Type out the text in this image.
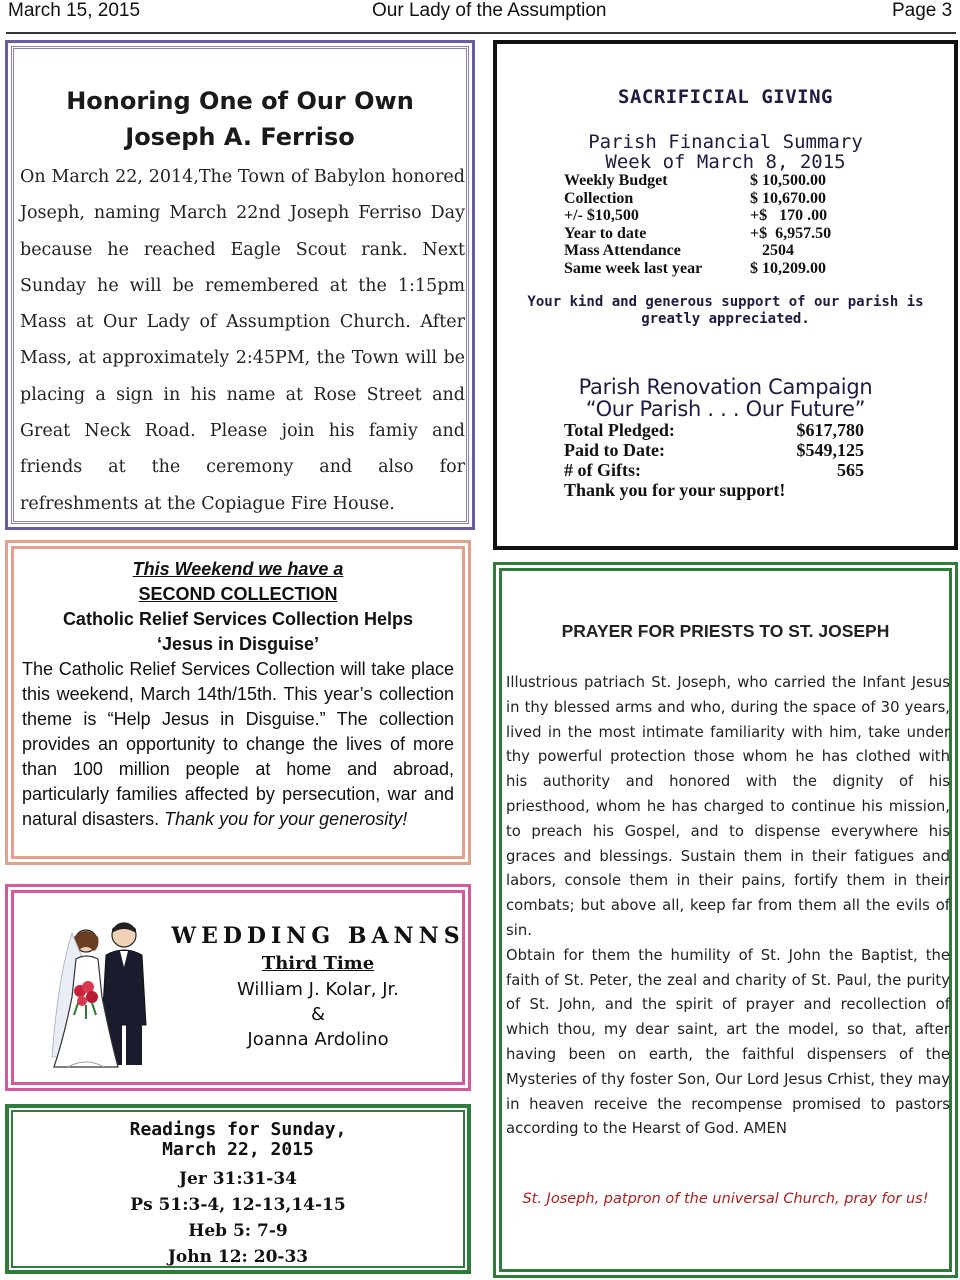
March 15, 2015	Our Lady of the Assumption	Page 3
Honoring One of Our Own
Joseph A. Ferriso

On March 22, 2014,The Town of Babylon honored Joseph, naming March 22nd Joseph Ferriso Day because he reached Eagle Scout rank. Next Sunday he will be remembered at the 1:15pm Mass at Our Lady of Assumption Church. After Mass, at approximately 2:45PM, the Town will be placing a sign in his name at Rose Street and Great Neck Road. Please join his famiy and friends at the ceremony and also for refreshments at the Copiague Fire House.

SACRIFICIAL GIVING
Parish Financial Summary
Week of March 8, 2015
Weekly Budget	$ 10,500.00
Collection	$ 10,670.00
+/- $10,500	+$   170 .00
Year to date	+$  6,957.50
Mass Attendance	2504
Same week last year	$ 10,209.00
Your kind and generous support of our parish is
greatly appreciated.
Parish Renovation Campaign
“Our Parish . . . Our Future”
Total Pledged:	$617,780
Paid to Date:	$549,125
# of Gifts:	565
Thank you for your support!
This Weekend we have a
SECOND COLLECTION
Catholic Relief Services Collection Helps
‘Jesus in Disguise’

The Catholic Relief Services Collection will take place this weekend, March 14th/15th. This year’s collection theme is “Help Jesus in Disguise.” The collection provides an opportunity to change the lives of more than 100 million people at home and abroad, particularly families affected by persecution, war and natural disasters. Thank you for your generosity!

WEDDING BANNS
Third Time
William J. Kolar, Jr.
&
Joanna Ardolino
Readings for Sunday,
March 22, 2015
Jer 31:31-34
Ps 51:3-4, 12-13,14-15
Heb 5: 7-9
John 12: 20-33
PRAYER FOR PRIESTS TO ST. JOSEPH

Illustrious patriach St. Joseph, who carried the Infant Jesus in thy blessed arms and who, during the space of 30 years, lived in the most intimate familiarity with him, take under thy powerful protection those whom he has clothed with his authority and honored with the dignity of his priesthood, whom he has charged to continue his mission, to preach his Gospel, and to dispense everywhere his graces and blessings. Sustain them in their fatigues and labors, console them in their pains, fortify them in their combats; but above all, keep far from them all the evils of sin.

Obtain for them the humility of St. John the Baptist, the faith of St. Peter, the zeal and charity of St. Paul, the purity of St. John, and the spirit of prayer and recollection of which thou, my dear saint, art the model, so that, after having been on earth, the faithful dispensers of the Mysteries of thy foster Son, Our Lord Jesus Crhist, they may in heaven receive the recompense promised to pastors according to the Hearst of God. AMEN

St. Joseph, patpron of the universal Church, pray for us!
